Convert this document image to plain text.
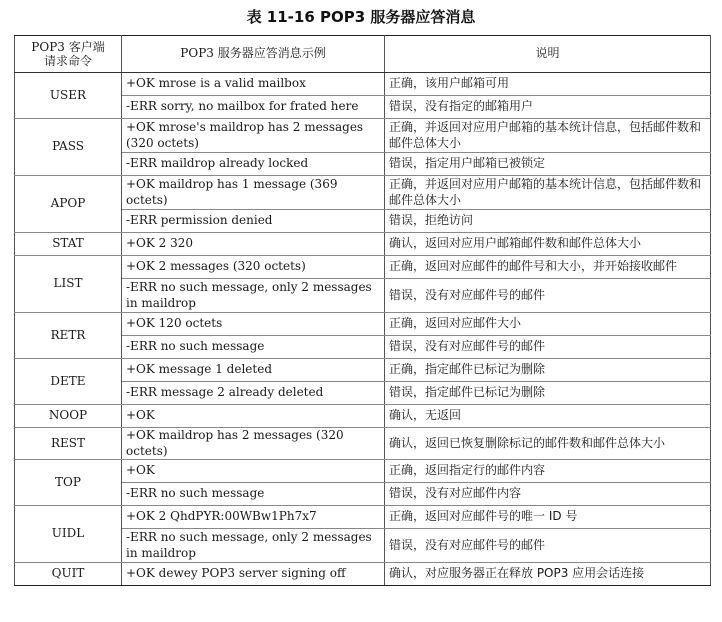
表 11-16 POP3 服务器应答消息
POP3 客户端
请求命令	POP3 服务器应答消息示例	说明
USER	+OK mrose is a valid mailbox	正确，该用户邮箱可用
	-ERR sorry, no mailbox for frated here	错误，没有指定的邮箱用户
PASS	+OK mrose's maildrop has 2 messages (320 octets)	正确，并返回对应用户邮箱的基本统计信息，包括邮件数和邮件总体大小
	-ERR maildrop already locked	错误，指定用户邮箱已被锁定
APOP	+OK maildrop has 1 message (369 octets)	正确，并返回对应用户邮箱的基本统计信息，包括邮件数和邮件总体大小
	-ERR permission denied	错误，拒绝访问
STAT	+OK 2 320	确认，返回对应用户邮箱邮件数和邮件总体大小
LIST	+OK 2 messages (320 octets)	正确，返回对应邮件的邮件号和大小，并开始接收邮件
	-ERR no such message, only 2 messages in maildrop	错误，没有对应邮件号的邮件
RETR	+OK 120 octets	正确，返回对应邮件大小
	-ERR no such message	错误，没有对应邮件号的邮件
DETE	+OK message 1 deleted	正确，指定邮件已标记为删除
	-ERR message 2 already deleted	错误，指定邮件已标记为删除
NOOP	+OK	确认，无返回
REST	+OK maildrop has 2 messages (320 octets)	确认，返回已恢复删除标记的邮件数和邮件总体大小
TOP	+OK	正确，返回指定行的邮件内容
	-ERR no such message	错误，没有对应邮件内容
UIDL	+OK 2 QhdPYR:00WBw1Ph7x7	正确，返回对应邮件号的唯一 ID 号
	-ERR no such message, only 2 messages in maildrop	错误，没有对应邮件号的邮件
QUIT	+OK dewey POP3 server signing off	确认，对应服务器正在释放 POP3 应用会话连接
